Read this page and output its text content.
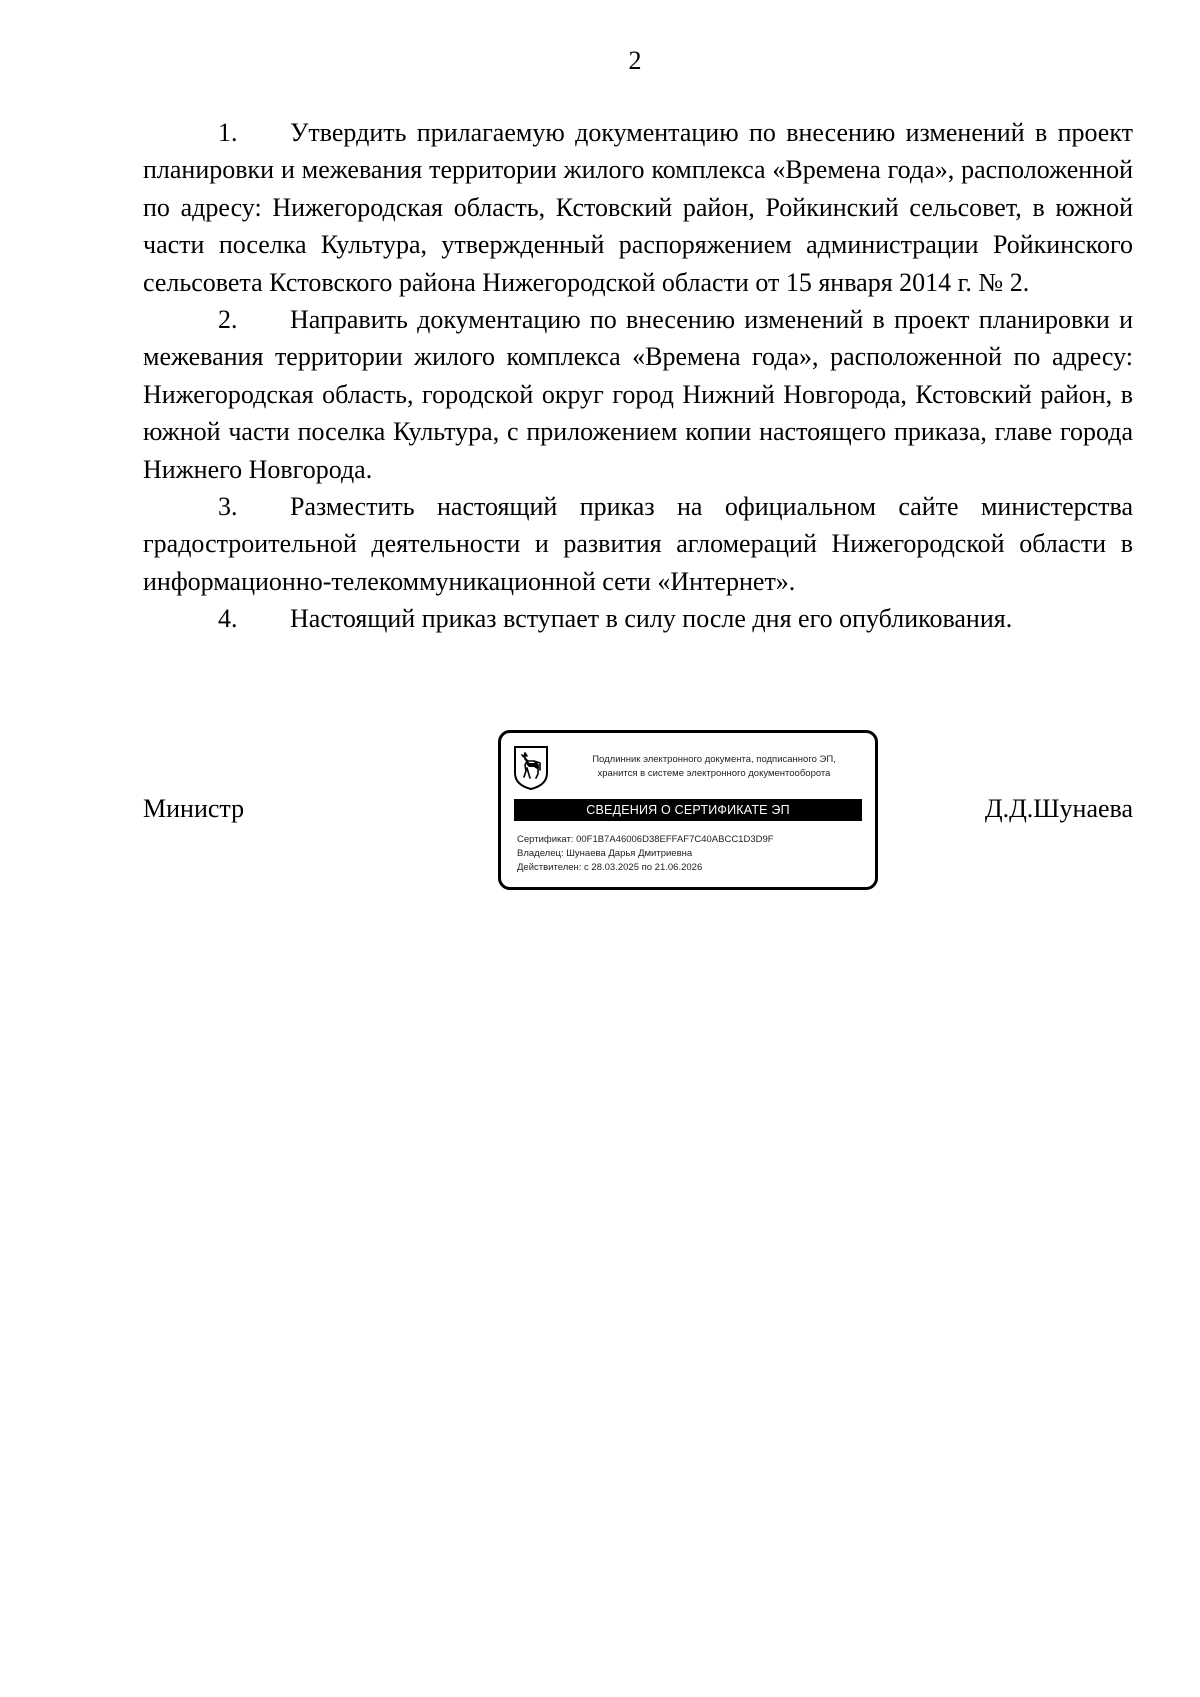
2

1. Утвердить прилагаемую документацию по внесению изменений в проект планировки и межевания территории жилого комплекса «Времена года», расположенной по адресу: Нижегородская область, Кстовский район, Ройкинский сельсовет, в южной части поселка Культура, утвержденный распоряжением администрации Ройкинского сельсовета Кстовского района Нижегородской области от 15 января 2014 г. № 2.

2. Направить документацию по внесению изменений в проект планировки и межевания территории жилого комплекса «Времена года», расположенной по адресу: Нижегородская область, городской округ город Нижний Новгорода, Кстовский район, в южной части поселка Культура, с приложением копии настоящего приказа, главе города Нижнего Новгорода.

3. Разместить настоящий приказ на официальном сайте министерства градостроительной деятельности и развития агломераций Нижегородской области в информационно-телекоммуникационной сети «Интернет».

4. Настоящий приказ вступает в силу после дня его опубликования.

Министр
Подлинник электронного документа, подписанного ЭП,
хранится в системе электронного документооборота
СВЕДЕНИЯ О СЕРТИФИКАТЕ ЭП
Сертификат: 00F1B7A46006D38EFFAF7C40ABCC1D3D9F
Владелец: Шунаева Дарья Дмитриевна
Действителен: с 28.03.2025 по 21.06.2026
Д.Д.Шунаева
